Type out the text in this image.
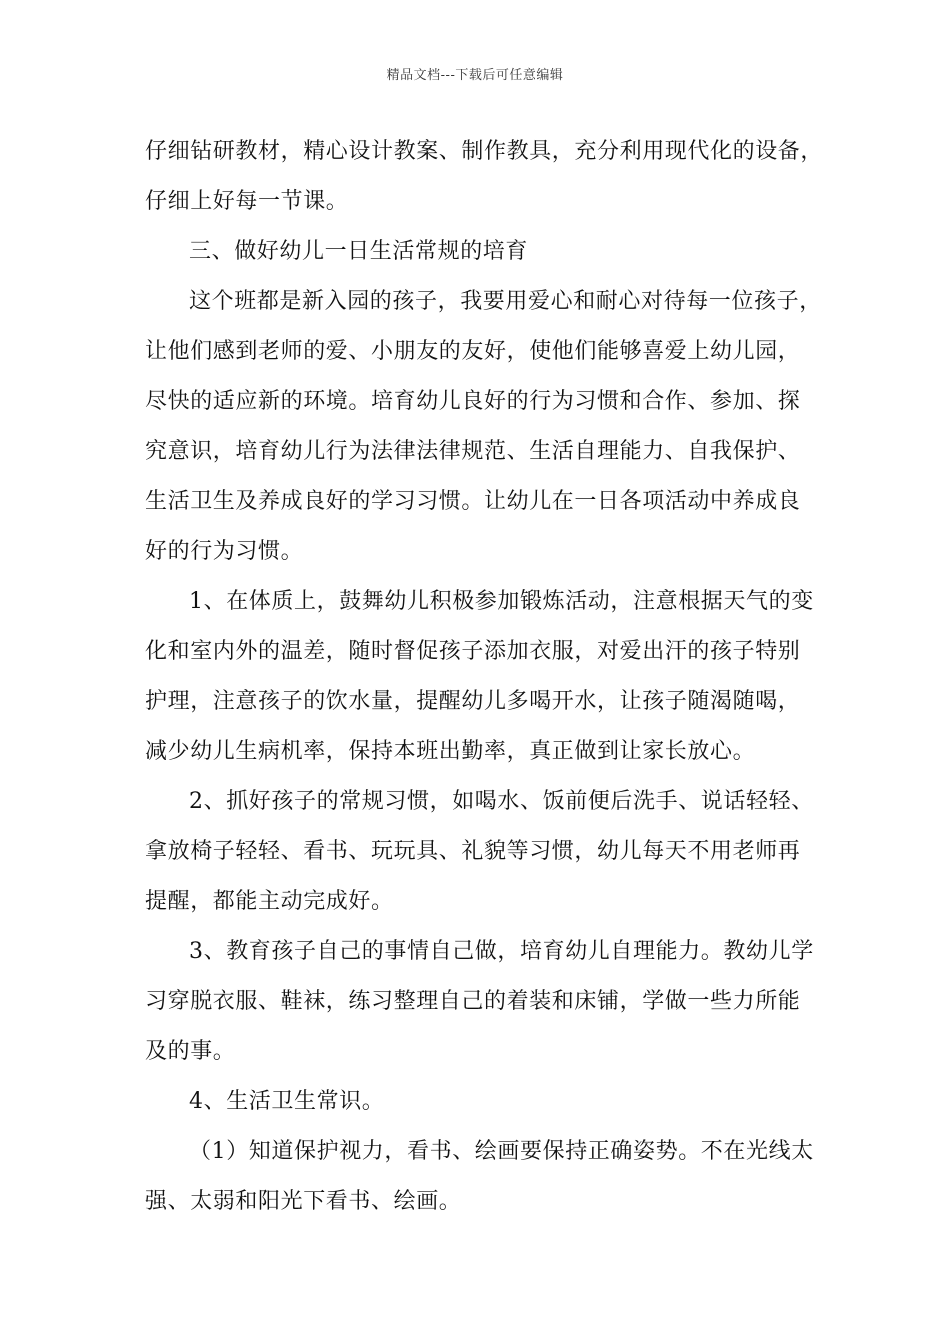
精品文档---下载后可任意编辑
仔细钻研教材，精心设计教案、制作教具，充分利用现代化的设备，
仔细上好每一节课。
三、做好幼儿一日生活常规的培育
这个班都是新入园的孩子，我要用爱心和耐心对待每一位孩子，
让他们感到老师的爱、小朋友的友好，使他们能够喜爱上幼儿园，
尽快的适应新的环境。培育幼儿良好的行为习惯和合作、参加、探
究意识，培育幼儿行为法律法律规范、生活自理能力、自我保护、
生活卫生及养成良好的学习习惯。让幼儿在一日各项活动中养成良
好的行为习惯。
1、在体质上，鼓舞幼儿积极参加锻炼活动，注意根据天气的变
化和室内外的温差，随时督促孩子添加衣服，对爱出汗的孩子特别
护理，注意孩子的饮水量，提醒幼儿多喝开水，让孩子随渴随喝，
减少幼儿生病机率，保持本班出勤率，真正做到让家长放心。
2、抓好孩子的常规习惯，如喝水、饭前便后洗手、说话轻轻、
拿放椅子轻轻、看书、玩玩具、礼貌等习惯，幼儿每天不用老师再
提醒，都能主动完成好。
3、教育孩子自己的事情自己做，培育幼儿自理能力。教幼儿学
习穿脱衣服、鞋袜，练习整理自己的着装和床铺，学做一些力所能
及的事。
4、生活卫生常识。
（1）知道保护视力，看书、绘画要保持正确姿势。不在光线太
强、太弱和阳光下看书、绘画。
